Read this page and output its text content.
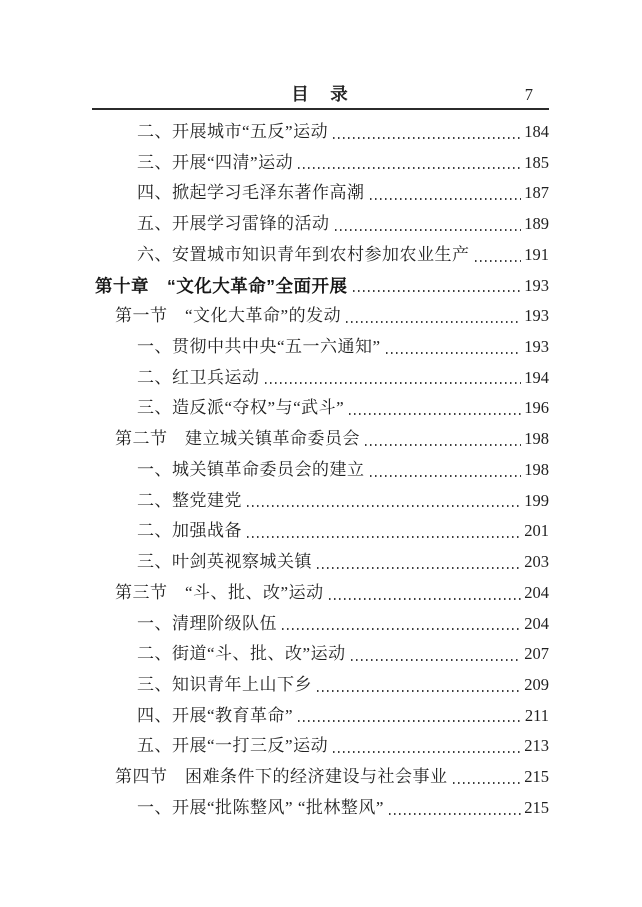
目　录	7
二、开展城市“五反”运动	184
三、开展“四清”运动	185
四、掀起学习毛泽东著作高潮	187
五、开展学习雷锋的活动	189
六、安置城市知识青年到农村参加农业生产	191
第十章　“文化大革命”全面开展	193
第一节　“文化大革命”的发动	193
一、贯彻中共中央“五一六通知”	193
二、红卫兵运动	194
三、造反派“夺权”与“武斗”	196
第二节　建立城关镇革命委员会	198
一、城关镇革命委员会的建立	198
二、整党建党	199
二、加强战备	201
三、叶剑英视察城关镇	203
第三节　“斗、批、改”运动	204
一、清理阶级队伍	204
二、街道“斗、批、改”运动	207
三、知识青年上山下乡	209
四、开展“教育革命”	211
五、开展“一打三反”运动	213
第四节　困难条件下的经济建设与社会事业	215
一、开展“批陈整风” “批林整风”	215
